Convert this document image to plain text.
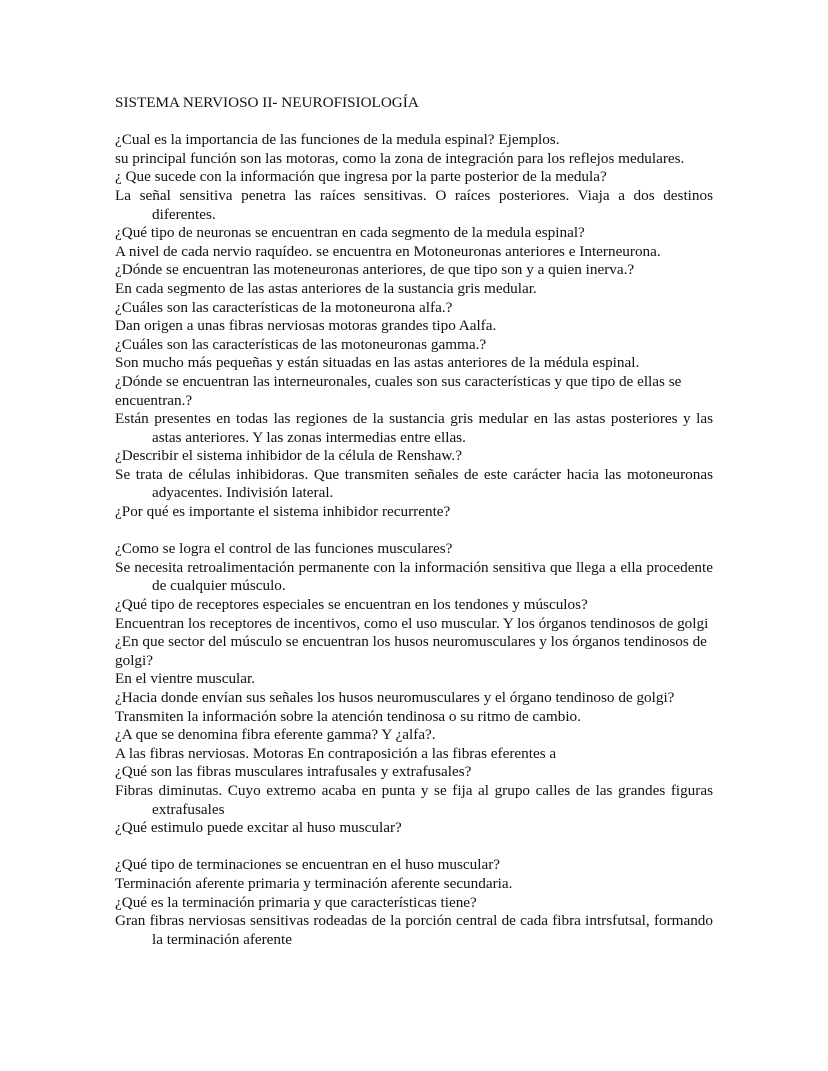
SISTEMA NERVIOSO II- NEUROFISIOLOGÍA

¿Cual es la importancia de las funciones de la medula espinal? Ejemplos.

su principal función son las motoras, como la zona de integración para los reflejos medulares.

¿ Que sucede con la información que ingresa por la parte posterior de la medula?

La señal sensitiva penetra las raíces sensitivas. O raíces posteriores. Viaja a dos destinos diferentes.

¿Qué tipo de neuronas se encuentran en cada segmento de la medula espinal?

A nivel de cada nervio raquídeo. se encuentra en Motoneuronas anteriores e Interneurona.

¿Dónde se encuentran las moteneuronas anteriores, de que tipo son y a quien inerva.?

En cada segmento de las astas anteriores de la sustancia gris medular.

¿Cuáles son las características de la motoneurona alfa.?

Dan origen a unas fibras nerviosas motoras grandes tipo Aalfa.

¿Cuáles son las características de las motoneuronas gamma.?

Son mucho más pequeñas y están situadas en las astas anteriores de la médula espinal.

¿Dónde se encuentran las interneuronales, cuales son sus características y que tipo de ellas se encuentran.?

Están presentes en todas las regiones de la sustancia gris medular en las astas posteriores y las astas anteriores. Y las zonas intermedias entre ellas.

¿Describir el sistema inhibidor de la célula de Renshaw.?

Se trata de células inhibidoras. Que transmiten señales de este carácter hacia las motoneuronas adyacentes. Indivisión lateral.

¿Por qué es importante el sistema inhibidor recurrente?

¿Como se logra el control de las funciones musculares?

Se necesita retroalimentación permanente con la información sensitiva que llega a ella procedente de cualquier músculo.

¿Qué tipo de receptores especiales se encuentran en los tendones y músculos?

Encuentran los receptores de incentivos, como el uso muscular. Y los órganos tendinosos de golgi

¿En que sector del músculo se encuentran los husos neuromusculares y los órganos tendinosos de golgi?

En el vientre muscular.

¿Hacia donde envían sus señales los husos neuromusculares y el órgano tendinoso de golgi?

Transmiten la información sobre la atención tendinosa o su ritmo de cambio.

¿A que se denomina fibra eferente gamma? Y ¿alfa?.

A las fibras nerviosas. Motoras En contraposición a las fibras eferentes a

¿Qué son las fibras musculares intrafusales y extrafusales?

Fibras diminutas. Cuyo extremo acaba en punta y se fija al grupo calles de las grandes figuras extrafusales

¿Qué estimulo puede excitar al huso muscular?

¿Qué tipo de terminaciones se encuentran en el huso muscular?

Terminación aferente primaria y terminación aferente secundaria.

¿Qué es la terminación primaria y que características tiene?

Gran fibras nerviosas sensitivas rodeadas de la porción central de cada fibra intrsfutsal, formando la terminación aferente
